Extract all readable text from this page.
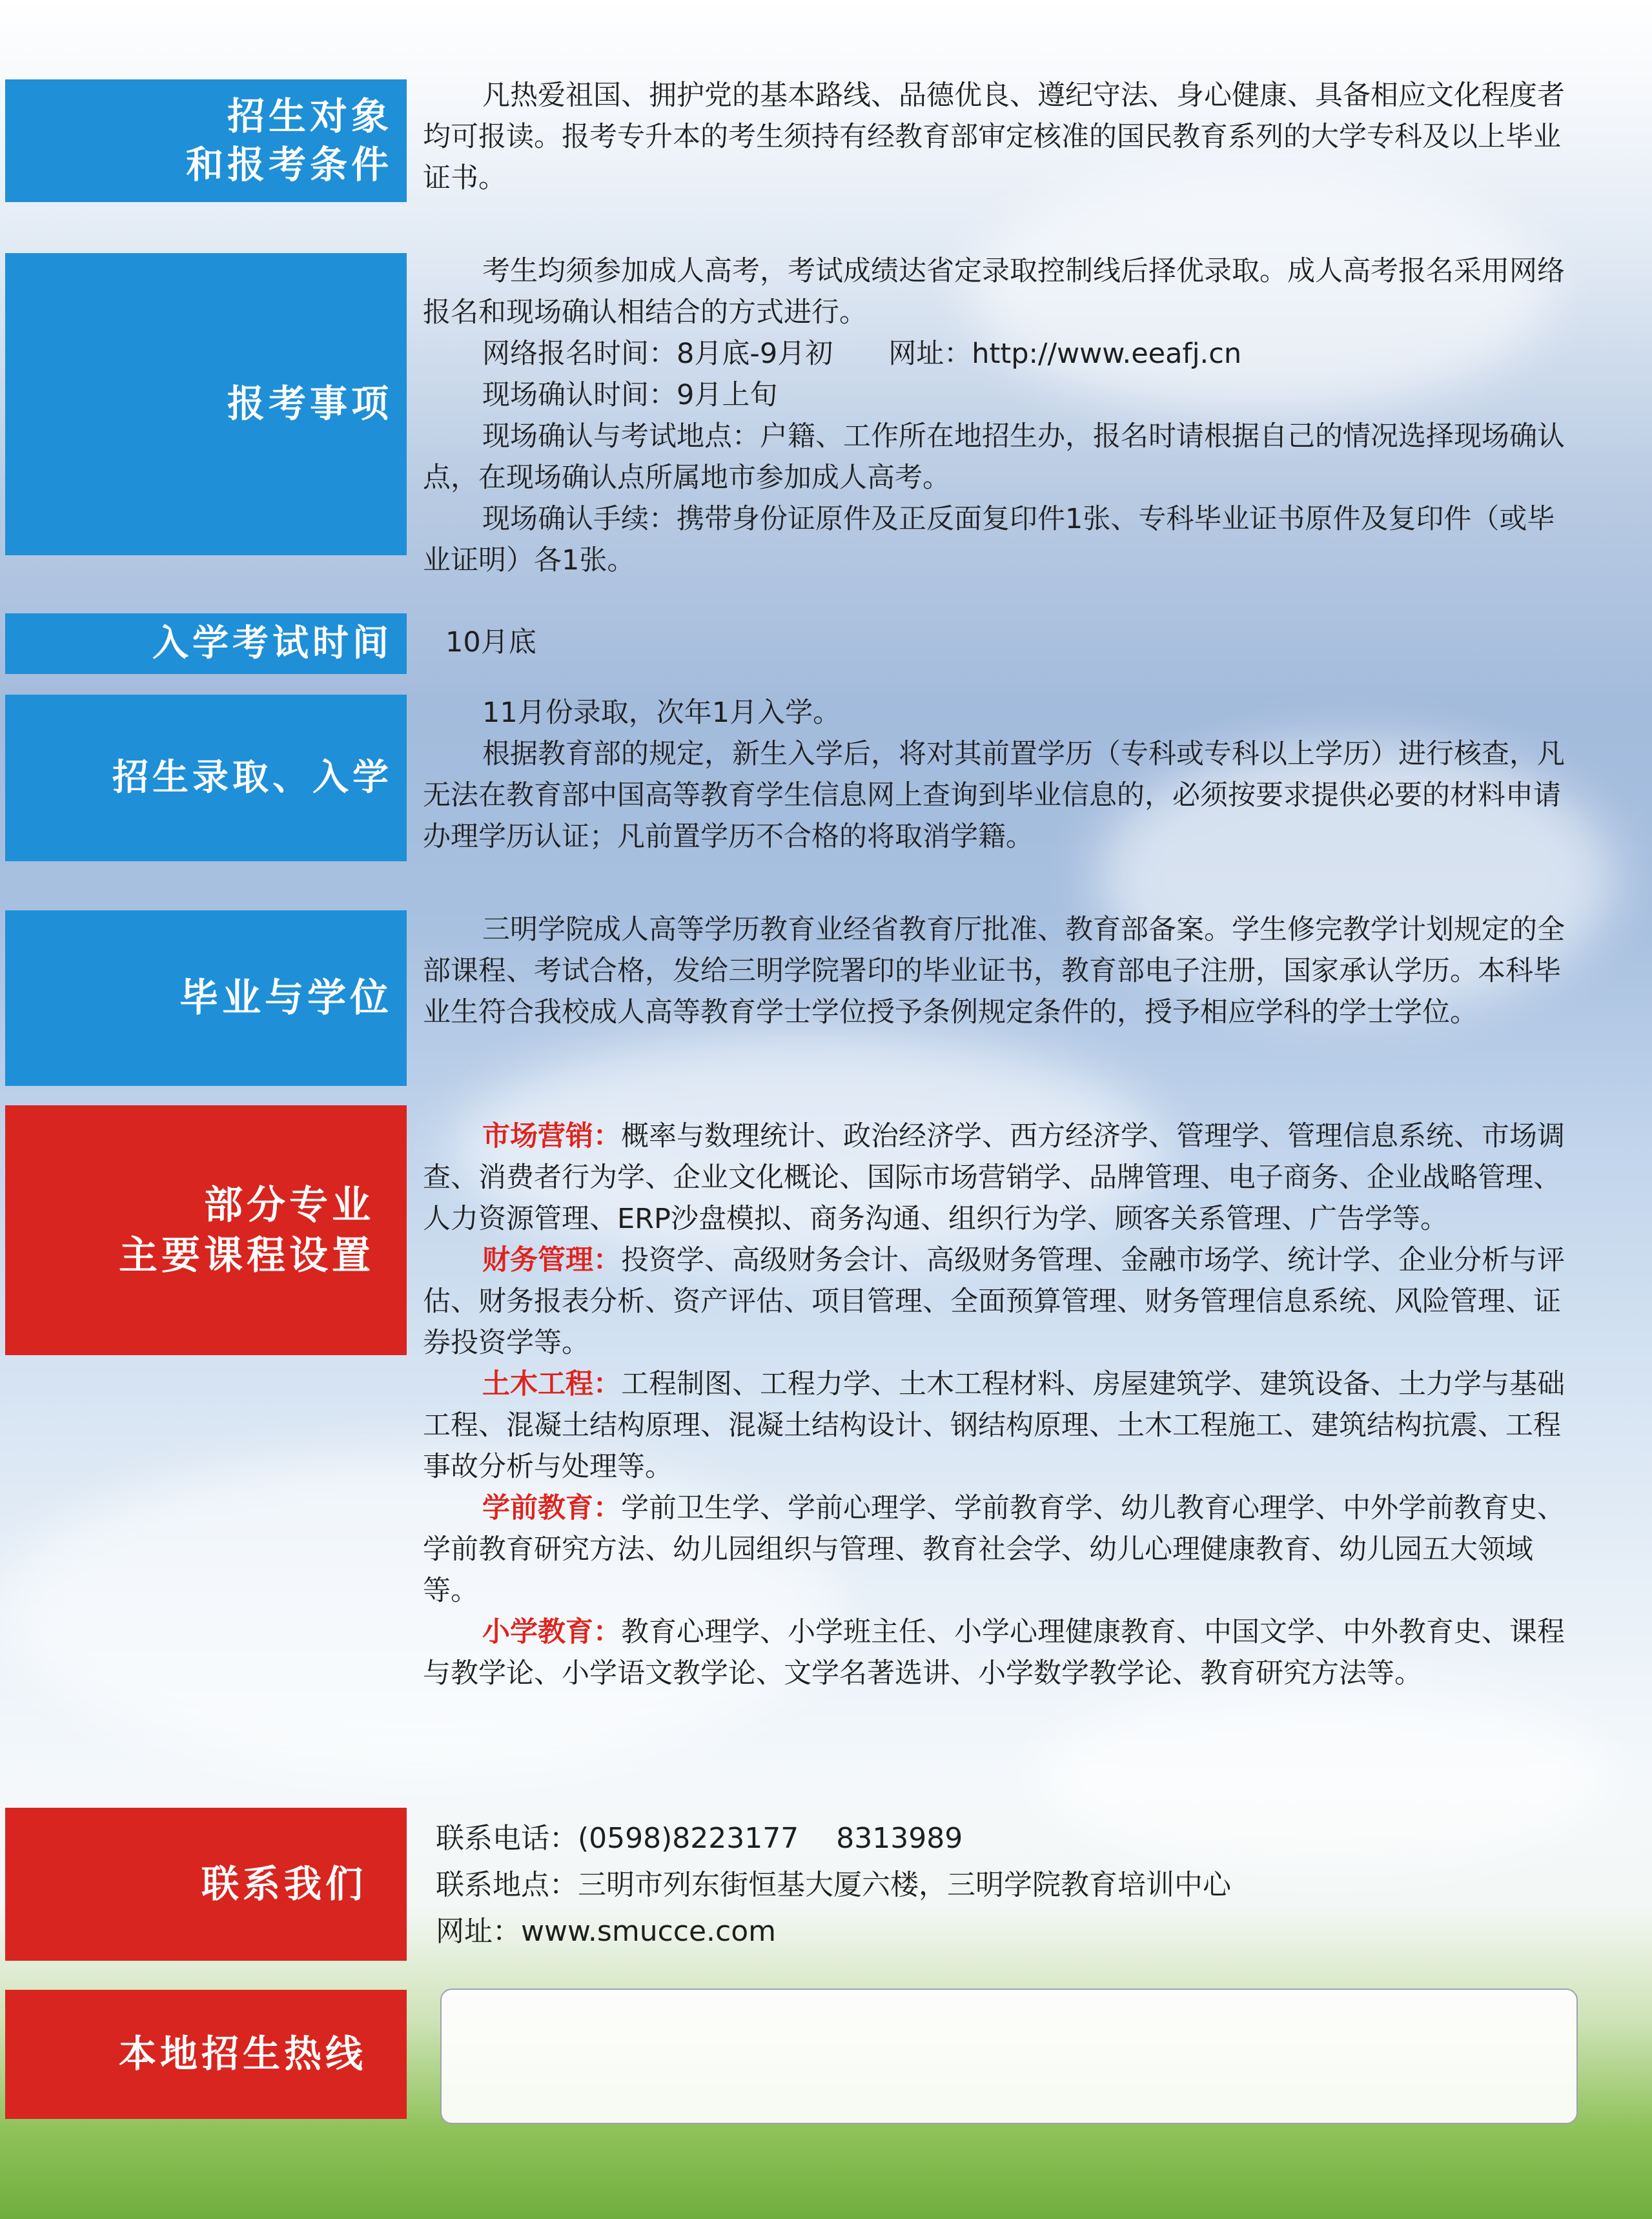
招生对象
和报考条件

凡热爱祖国、拥护党的基本路线、品德优良、遵纪守法、身心健康、具备相应文化程度者均可报读。报考专升本的考生须持有经教育部审定核准的国民教育系列的大学专科及以上毕业证书。

报考事项

考生均须参加成人高考，考试成绩达省定录取控制线后择优录取。成人高考报名采用网络报名和现场确认相结合的方式进行。

网络报名时间：8月底-9月初　　网址：http://www.eeafj.cn

现场确认时间：9月上旬

现场确认与考试地点：户籍、工作所在地招生办，报名时请根据自己的情况选择现场确认点，在现场确认点所属地市参加成人高考。

现场确认手续：携带身份证原件及正反面复印件1张、专科毕业证书原件及复印件（或毕业证明）各1张。

入学考试时间	10月底

招生录取、入学

11月份录取，次年1月入学。

根据教育部的规定，新生入学后，将对其前置学历（专科或专科以上学历）进行核查，凡无法在教育部中国高等教育学生信息网上查询到毕业信息的，必须按要求提供必要的材料申请办理学历认证；凡前置学历不合格的将取消学籍。

毕业与学位

三明学院成人高等学历教育业经省教育厅批准、教育部备案。学生修完教学计划规定的全部课程、考试合格，发给三明学院署印的毕业证书，教育部电子注册，国家承认学历。本科毕业生符合我校成人高等教育学士学位授予条例规定条件的，授予相应学科的学士学位。

部分专业
主要课程设置

市场营销：概率与数理统计、政治经济学、西方经济学、管理学、管理信息系统、市场调查、消费者行为学、企业文化概论、国际市场营销学、品牌管理、电子商务、企业战略管理、人力资源管理、ERP沙盘模拟、商务沟通、组织行为学、顾客关系管理、广告学等。

财务管理：投资学、高级财务会计、高级财务管理、金融市场学、统计学、企业分析与评估、财务报表分析、资产评估、项目管理、全面预算管理、财务管理信息系统、风险管理、证券投资学等。

土木工程：工程制图、工程力学、土木工程材料、房屋建筑学、建筑设备、土力学与基础工程、混凝土结构原理、混凝土结构设计、钢结构原理、土木工程施工、建筑结构抗震、工程事故分析与处理等。

学前教育：学前卫生学、学前心理学、学前教育学、幼儿教育心理学、中外学前教育史、学前教育研究方法、幼儿园组织与管理、教育社会学、幼儿心理健康教育、幼儿园五大领域等。

小学教育：教育心理学、小学班主任、小学心理健康教育、中国文学、中外教育史、课程与教学论、小学语文教学论、文学名著选讲、小学数学教学论、教育研究方法等。

联系我们

联系电话：(0598)8223177　 8313989

联系地点：三明市列东街恒基大厦六楼，三明学院教育培训中心

网址：www.smucce.com

本地招生热线
